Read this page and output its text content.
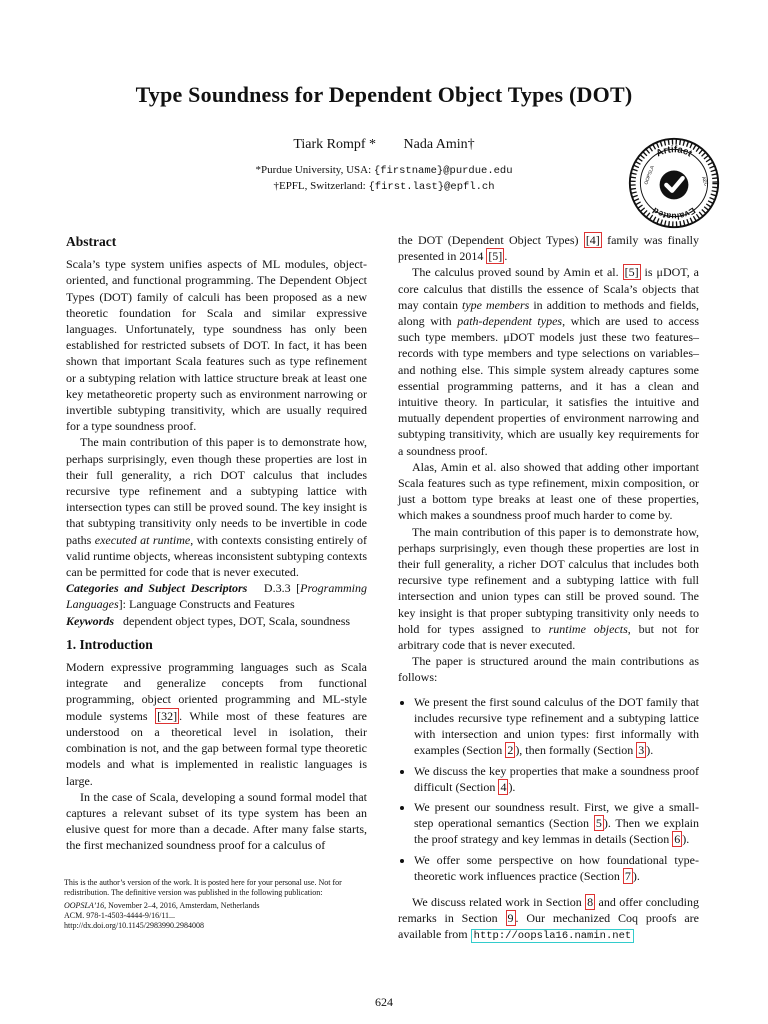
Type Soundness for Dependent Object Types (DOT)
Tiark Rompf * Nada Amin†
*Purdue University, USA: {firstname}@purdue.edu
†EPFL, Switzerland: {first.last}@epfl.ch
Artifact
Evaluated
OOPSLA	AEC
Abstract

Scala’s type system unifies aspects of ML modules, object-oriented, and functional programming. The Dependent Object Types (DOT) family of calculi has been proposed as a new theoretic foundation for Scala and similar expressive languages. Unfortunately, type soundness has only been established for restricted subsets of DOT. In fact, it has been shown that important Scala features such as type refinement or a subtyping relation with lattice structure break at least one key metatheoretic property such as environment narrowing or invertible subtyping transitivity, which are usually required for a type soundness proof.

The main contribution of this paper is to demonstrate how, perhaps surprisingly, even though these properties are lost in their full generality, a rich DOT calculus that includes recursive type refinement and a subtyping lattice with intersection types can still be proved sound. The key insight is that subtyping transitivity only needs to be invertible in code paths executed at runtime, with contexts consisting entirely of valid runtime objects, whereas inconsistent subtyping contexts can be permitted for code that is never executed.

Categories and Subject Descriptors D.3.3 [Programming Languages]: Language Constructs and Features

Keywords dependent object types, DOT, Scala, soundness

1. Introduction

Modern expressive programming languages such as Scala integrate and generalize concepts from functional programming, object oriented programming and ML-style module systems [32] . While most of these features are understood on a theoretical level in isolation, their combination is not, and the gap between formal type theoretic models and what is implemented in realistic languages is large.

In the case of Scala, developing a sound formal model that captures a relevant subset of its type system has been an elusive quest for more than a decade. After many false starts, the first mechanized soundness proof for a calculus of

the DOT (Dependent Object Types) [4] family was finally presented in 2014 [5] .

The calculus proved sound by Amin et al. [5] is μDOT, a core calculus that distills the essence of Scala’s objects that may contain type members in addition to methods and fields, along with path-dependent types, which are used to access such type members. μDOT models just these two features–records with type members and type selections on variables–and nothing else. This simple system already captures some essential programming patterns, and it has a clean and intuitive theory. In particular, it satisfies the intuitive and mutually dependent properties of environment narrowing and subtyping transitivity, which are usually key requirements for a soundness proof.

Alas, Amin et al. also showed that adding other important Scala features such as type refinement, mixin composition, or just a bottom type breaks at least one of these properties, which makes a soundness proof much harder to come by.

The main contribution of this paper is to demonstrate how, perhaps surprisingly, even though these properties are lost in their full generality, a richer DOT calculus that includes both recursive type refinement and a subtyping lattice with full intersection and union types can still be proved sound. The key insight is that proper subtyping transitivity only needs to hold for types assigned to runtime objects, but not for arbitrary code that is never executed.

The paper is structured around the main contributions as follows:

• We present the first sound calculus of the DOT family that includes recursive type refinement and a subtyping lattice with intersection and union types: first informally with examples (Section 2 ), then formally (Section 3 ).
• We discuss the key properties that make a soundness proof difficult (Section 4 ).
• We present our soundness result. First, we give a small-step operational semantics (Section 5 ). Then we explain the proof strategy and key lemmas in details (Section 6 ).
• We offer some perspective on how foundational type-theoretic work influences practice (Section 7 ).

We discuss related work in Section 8 and offer concluding remarks in Section 9 . Our mechanized Coq proofs are available from http://oopsla16.namin.net

This is the author’s version of the work. It is posted here for your personal use. Not for redistribution. The definitive version was published in the following publication:
OOPSLA’16, November 2–4, 2016, Amsterdam, Netherlands
ACM. 978-1-4503-4444-9/16/11...
http://dx.doi.org/10.1145/2983990.2984008
624
